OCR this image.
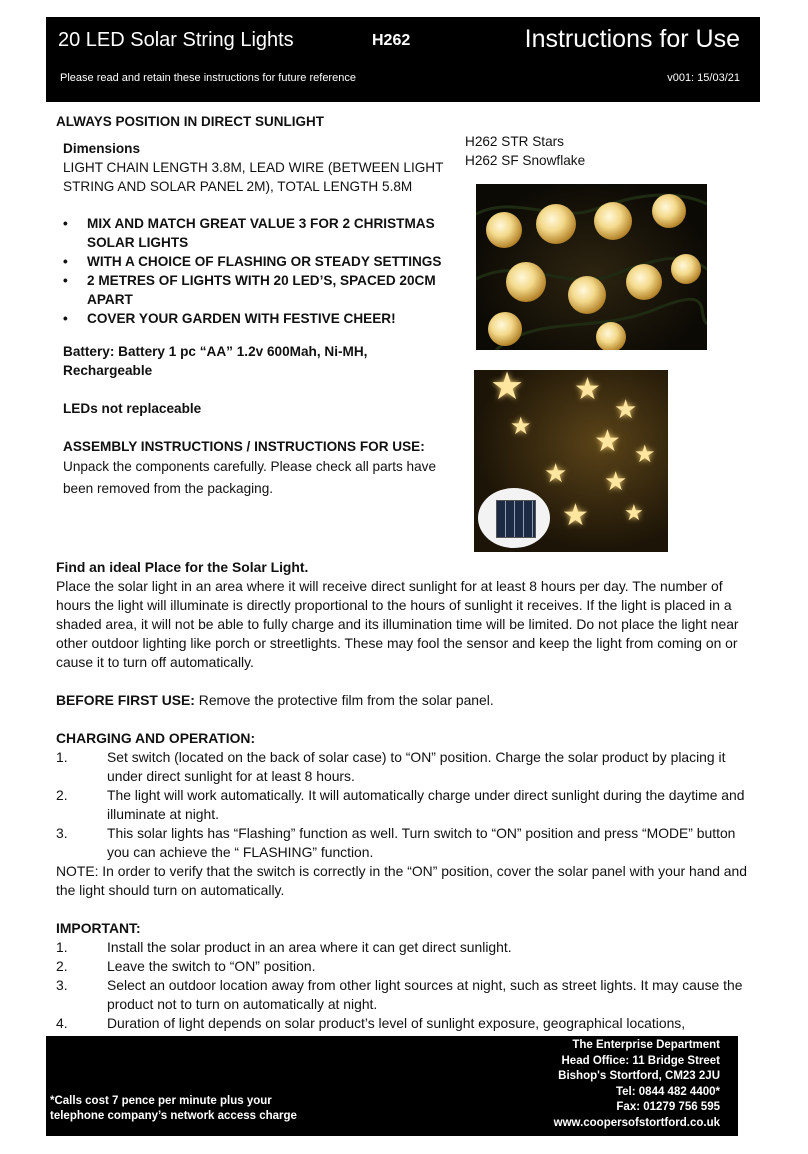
20 LED Solar String Lights	H262	Instructions for Use
Please read and retain these instructions for future reference	v001: 15/03/21

ALWAYS POSITION IN DIRECT SUNLIGHT

Dimensions

LIGHT CHAIN LENGTH 3.8M, LEAD WIRE (BETWEEN LIGHT STRING AND SOLAR PANEL 2M), TOTAL LENGTH 5.8M

• MIX AND MATCH GREAT VALUE 3 FOR 2 CHRISTMAS SOLAR LIGHTS
• WITH A CHOICE OF FLASHING OR STEADY SETTINGS
• 2 METRES OF LIGHTS WITH 20 LED’S, SPACED 20CM APART
• COVER YOUR GARDEN WITH FESTIVE CHEER!

Battery: Battery 1 pc “AA” 1.2v 600Mah, Ni-MH, Rechargeable

LEDs not replaceable

ASSEMBLY INSTRUCTIONS / INSTRUCTIONS FOR USE:

Unpack the components carefully. Please check all parts have been removed from the packaging.

H262 STR Stars
H262 SF Snowflake
★ ★
★
★ ★ ★
★ ★
★ ★

Find an ideal Place for the Solar Light.

Place the solar light in an area where it will receive direct sunlight for at least 8 hours per day. The number of hours the light will illuminate is directly proportional to the hours of sunlight it receives. If the light is placed in a shaded area, it will not be able to fully charge and its illumination time will be limited. Do not place the light near other outdoor lighting like porch or streetlights. These may fool the sensor and keep the light from coming on or cause it to turn off automatically.

BEFORE FIRST USE: Remove the protective film from the solar panel.

CHARGING AND OPERATION:

1.	Set switch (located on the back of solar case) to “ON” position. Charge the solar product by placing it under direct sunlight for at least 8 hours.
2.	The light will work automatically. It will automatically charge under direct sunlight during the daytime and illuminate at night.
3.	This solar lights has “Flashing” function as well. Turn switch to “ON” position and press “MODE” button you can achieve the “ FLASHING” function.

NOTE: In order to verify that the switch is correctly in the “ON” position, cover the solar panel with your hand and the light should turn on automatically.

IMPORTANT:

1.	Install the solar product in an area where it can get direct sunlight.
2.	Leave the switch to “ON” position.
3.	Select an outdoor location away from other light sources at night, such as street lights. It may cause the product not to turn on automatically at night.
4.	Duration of light depends on solar product’s level of sunlight exposure, geographical locations,
*Calls cost 7 pence per minute plus your
telephone company’s network access charge
The Enterprise Department
Head Office: 11 Bridge Street
Bishop's Stortford, CM23 2JU
Tel: 0844 482 4400*
Fax: 01279 756 595
www.coopersofstortford.co.uk
